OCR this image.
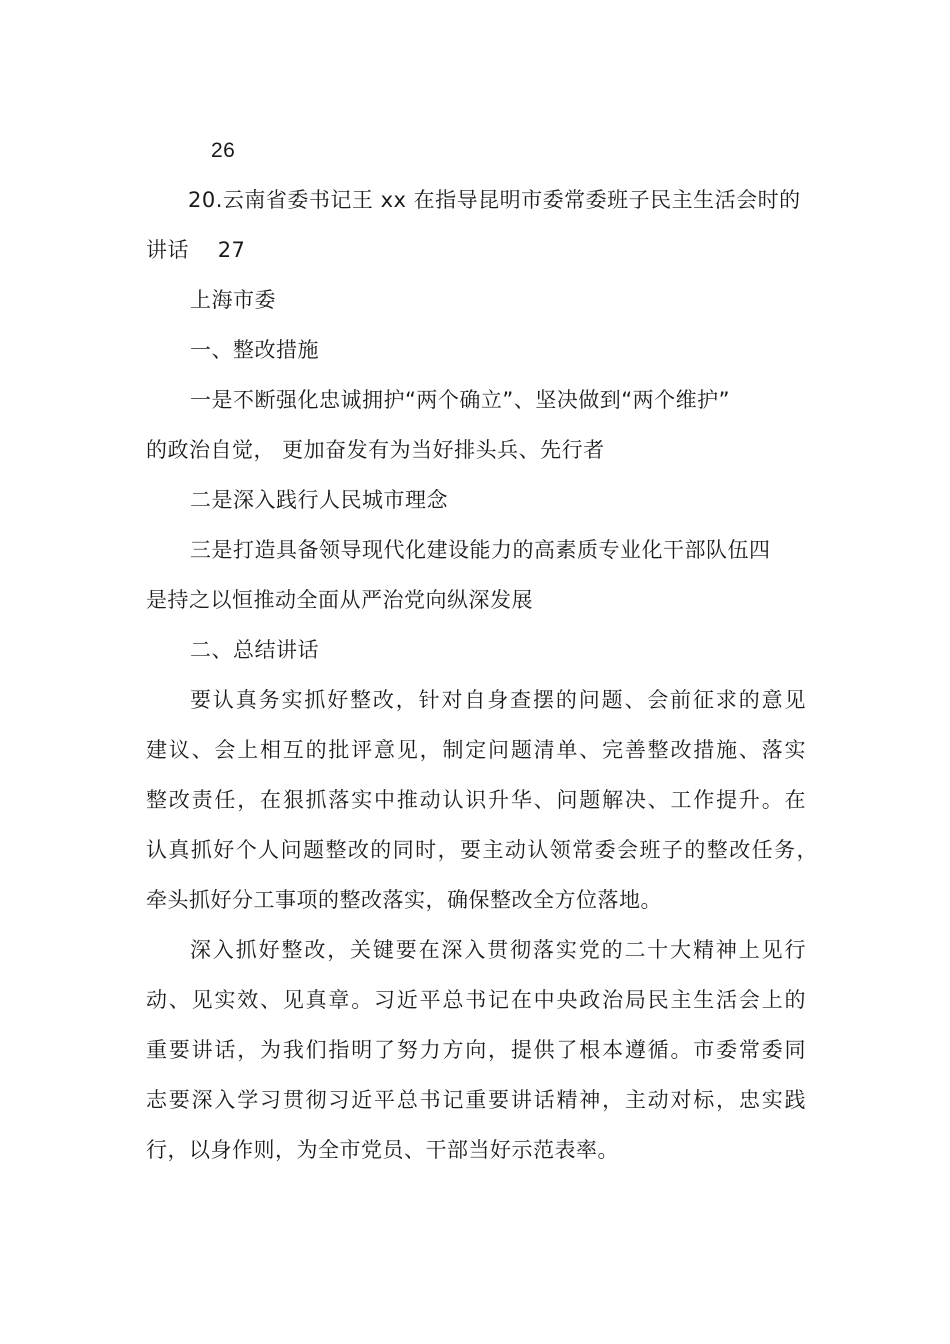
26
20.云南省委书记王 xx 在指导昆明市委常委班子民主生活会时的
讲话    27
上海市委
一、整改措施
一是不断强化忠诚拥护“两个确立”、坚决做到“两个维护”
的政治自觉， 更加奋发有为当好排头兵、先行者
二是深入践行人民城市理念
三是打造具备领导现代化建设能力的高素质专业化干部队伍四
是持之以恒推动全面从严治党向纵深发展
二、总结讲话
要认真务实抓好整改，针对自身查摆的问题、会前征求的意见
建议、会上相互的批评意见，制定问题清单、完善整改措施、落实
整改责任，在狠抓落实中推动认识升华、问题解决、工作提升。在
认真抓好个人问题整改的同时，要主动认领常委会班子的整改任务，
牵头抓好分工事项的整改落实，确保整改全方位落地。
深入抓好整改，关键要在深入贯彻落实党的二十大精神上见行
动、见实效、见真章。习近平总书记在中央政治局民主生活会上的
重要讲话，为我们指明了努力方向，提供了根本遵循。市委常委同
志要深入学习贯彻习近平总书记重要讲话精神，主动对标，忠实践
行，以身作则，为全市党员、干部当好示范表率。
